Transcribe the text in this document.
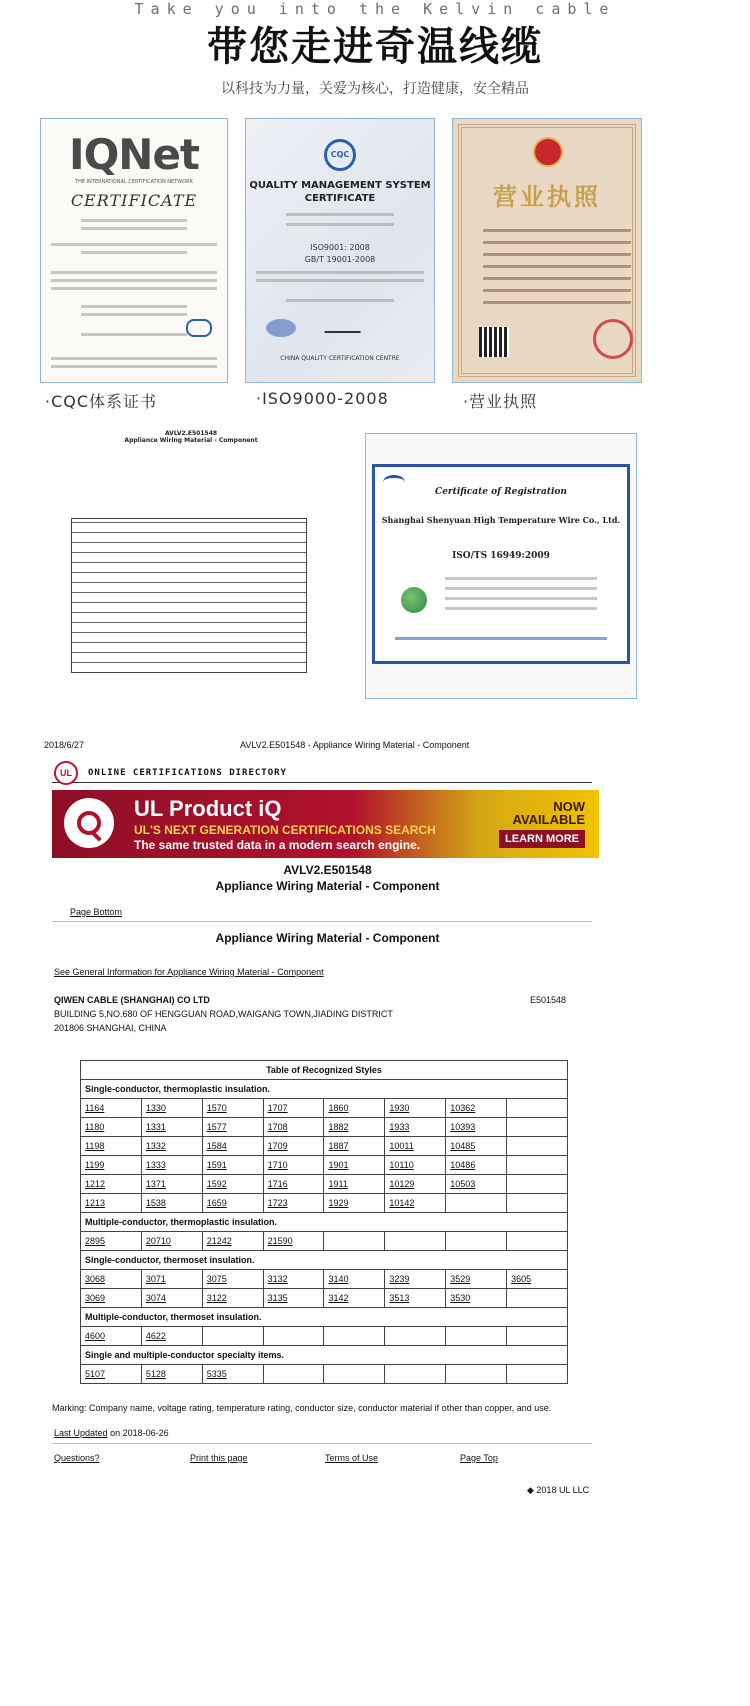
Take you into the Kelvin cable
带您走进奇温线缆
以科技为力量，关爱为核心，打造健康，安全精品
IQNet
THE INTERNATIONAL CERTIFICATION NETWORK
CERTIFICATE
·CQC体系证书
CQC
QUALITY MANAGEMENT SYSTEM CERTIFICATE
ISO9001: 2008
GB/T 19001-2008
CHINA QUALITY CERTIFICATION CENTRE
·ISO9000-2008
营业执照
·营业执照
AVLV2.E501548
Appliance Wiring Material - Component
Certificate of Registration
Shanghai Shenyuan High Temperature Wire Co., Ltd.
ISO/TS 16949:2009
2018/6/27	AVLV2.E501548 - Appliance Wiring Material - Component
UL	ONLINE CERTIFICATIONS DIRECTORY
UL Product iQ
UL'S NEXT GENERATION CERTIFICATIONS SEARCH
The same trusted data in a modern search engine.
NOW
AVAILABLE
LEARN MORE
AVLV2.E501548
Appliance Wiring Material - Component
Page Bottom
Appliance Wiring Material - Component
See General Information for Appliance Wiring Material - Component
QIWEN CABLE (SHANGHAI) CO LTD
BUILDING 5,NO.680 OF HENGGUAN ROAD,WAIGANG TOWN,JIADING DISTRICT
201806 SHANGHAI, CHINA
E501548
Table of Recognized Styles							
Single-conductor, thermoplastic insulation.							
1164	1330	1570	1707	1860	1930	10362	
1180	1331	1577	1708	1882	1933	10393	
1198	1332	1584	1709	1887	10011	10485	
1199	1333	1591	1710	1901	10110	10486	
1212	1371	1592	1716	1911	10129	10503	
1213	1538	1659	1723	1929	10142		
Multiple-conductor, thermoplastic insulation.							
2895	20710	21242	21590				
Single-conductor, thermoset insulation.							
3068	3071	3075	3132	3140	3239	3529	3605
3069	3074	3122	3135	3142	3513	3530	
Multiple-conductor, thermoset insulation.							
4600	4622						
Single and multiple-conductor specialty items.							
5107	5128	5335					
Marking: Company name, voltage rating, temperature rating, conductor size, conductor material if other than copper, and use.
Last Updated on 2018-06-26
Questions?	Print this page	Terms of Use	Page Top
◆ 2018 UL LLC
